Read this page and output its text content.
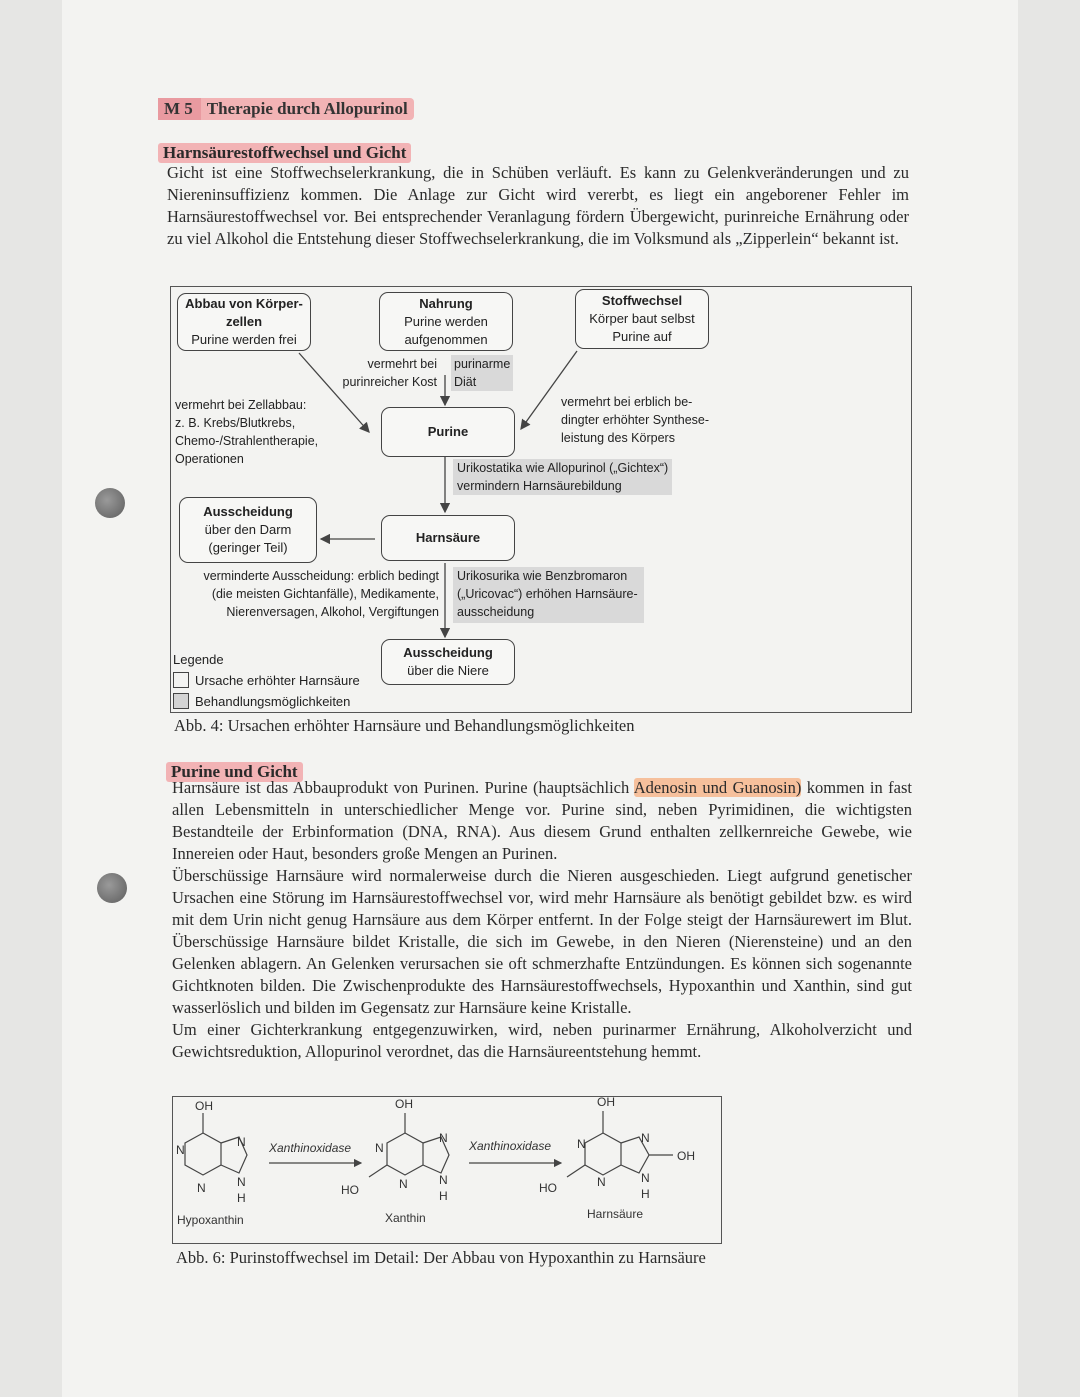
M 5 Therapie durch Allopurinol
Harnsäurestoffwechsel und Gicht

Gicht ist eine Stoffwechselerkrankung, die in Schüben verläuft. Es kann zu Gelenkveränderungen und zu Niereninsuffizienz kommen. Die Anlage zur Gicht wird vererbt, es liegt ein angeborener Fehler im Harnsäurestoffwechsel vor. Bei entsprechender Veranlagung fördern Übergewicht, purinreiche Ernährung oder zu viel Alkohol die Entstehung dieser Stoffwechselerkrankung, die im Volksmund als „Zipperlein“ bekannt ist.

Abbau von Körper-
zellen
Purine werden frei
Nahrung
Purine werden
aufgenommen
Stoffwechsel
Körper baut selbst
Purine auf
vermehrt bei
purinreicher Kost
purinarme
Diät
vermehrt bei Zellabbau:
z. B. Krebs/Blutkrebs,
Chemo-/Strahlentherapie,
Operationen
Purine
vermehrt bei erblich be-
dingter erhöhter Synthese-
leistung des Körpers
Urikostatika wie Allopurinol („Gichtex“)
vermindern Harnsäurebildung
Ausscheidung
über den Darm
(geringer Teil)
Harnsäure
verminderte Ausscheidung: erblich bedingt
(die meisten Gichtanfälle), Medikamente,
Nierenversagen, Alkohol, Vergiftungen
Urikosurika wie Benzbromaron
(„Uricovac“) erhöhen Harnsäure-
ausscheidung
Ausscheidung
über die Niere
Legende
Ursache erhöhter Harnsäure
Behandlungsmöglichkeiten
Abb. 4: Ursachen erhöhter Harnsäure und Behandlungsmöglichkeiten
Purine und Gicht

Harnsäure ist das Abbauprodukt von Purinen. Purine (hauptsächlich Adenosin und Guanosin) kommen in fast allen Lebensmitteln in unterschiedlicher Menge vor. Purine sind, neben Pyrimidinen, die wichtigsten Bestandteile der Erbinformation (DNA, RNA). Aus diesem Grund enthalten zellkernreiche Gewebe, wie Innereien oder Haut, besonders große Mengen an Purinen.

Überschüssige Harnsäure wird normalerweise durch die Nieren ausgeschieden. Liegt aufgrund genetischer Ursachen eine Störung im Harnsäurestoffwechsel vor, wird mehr Harnsäure als benötigt gebildet bzw. es wird mit dem Urin nicht genug Harnsäure aus dem Körper entfernt. In der Folge steigt der Harnsäurewert im Blut. Überschüssige Harnsäure bildet Kristalle, die sich im Gewebe, in den Nieren (Nierensteine) und an den Gelenken ablagern. An Gelenken verursachen sie oft schmerzhafte Entzündungen. Es können sich sogenannte Gichtknoten bilden. Die Zwischenprodukte des Harnsäurestoffwechsels, Hypoxanthin und Xanthin, sind gut wasserlöslich und bilden im Gegensatz zur Harnsäure keine Kristalle.

Um einer Gichterkrankung entgegenzuwirken, wird, neben purinarmer Ernährung, Alkoholverzicht und Gewichtsreduktion, Allopurinol verordnet, das die Harnsäureentstehung hemmt.

OH
N
N
N
N
H
Xanthinoxidase
Hypoxanthin
OH
N
N
N
N
H
HO
Xanthinoxidase
Xanthin
OH
N
N
N
N
H
HO
OH
Harnsäure
Abb. 6: Purinstoffwechsel im Detail: Der Abbau von Hypoxanthin zu Harnsäure
